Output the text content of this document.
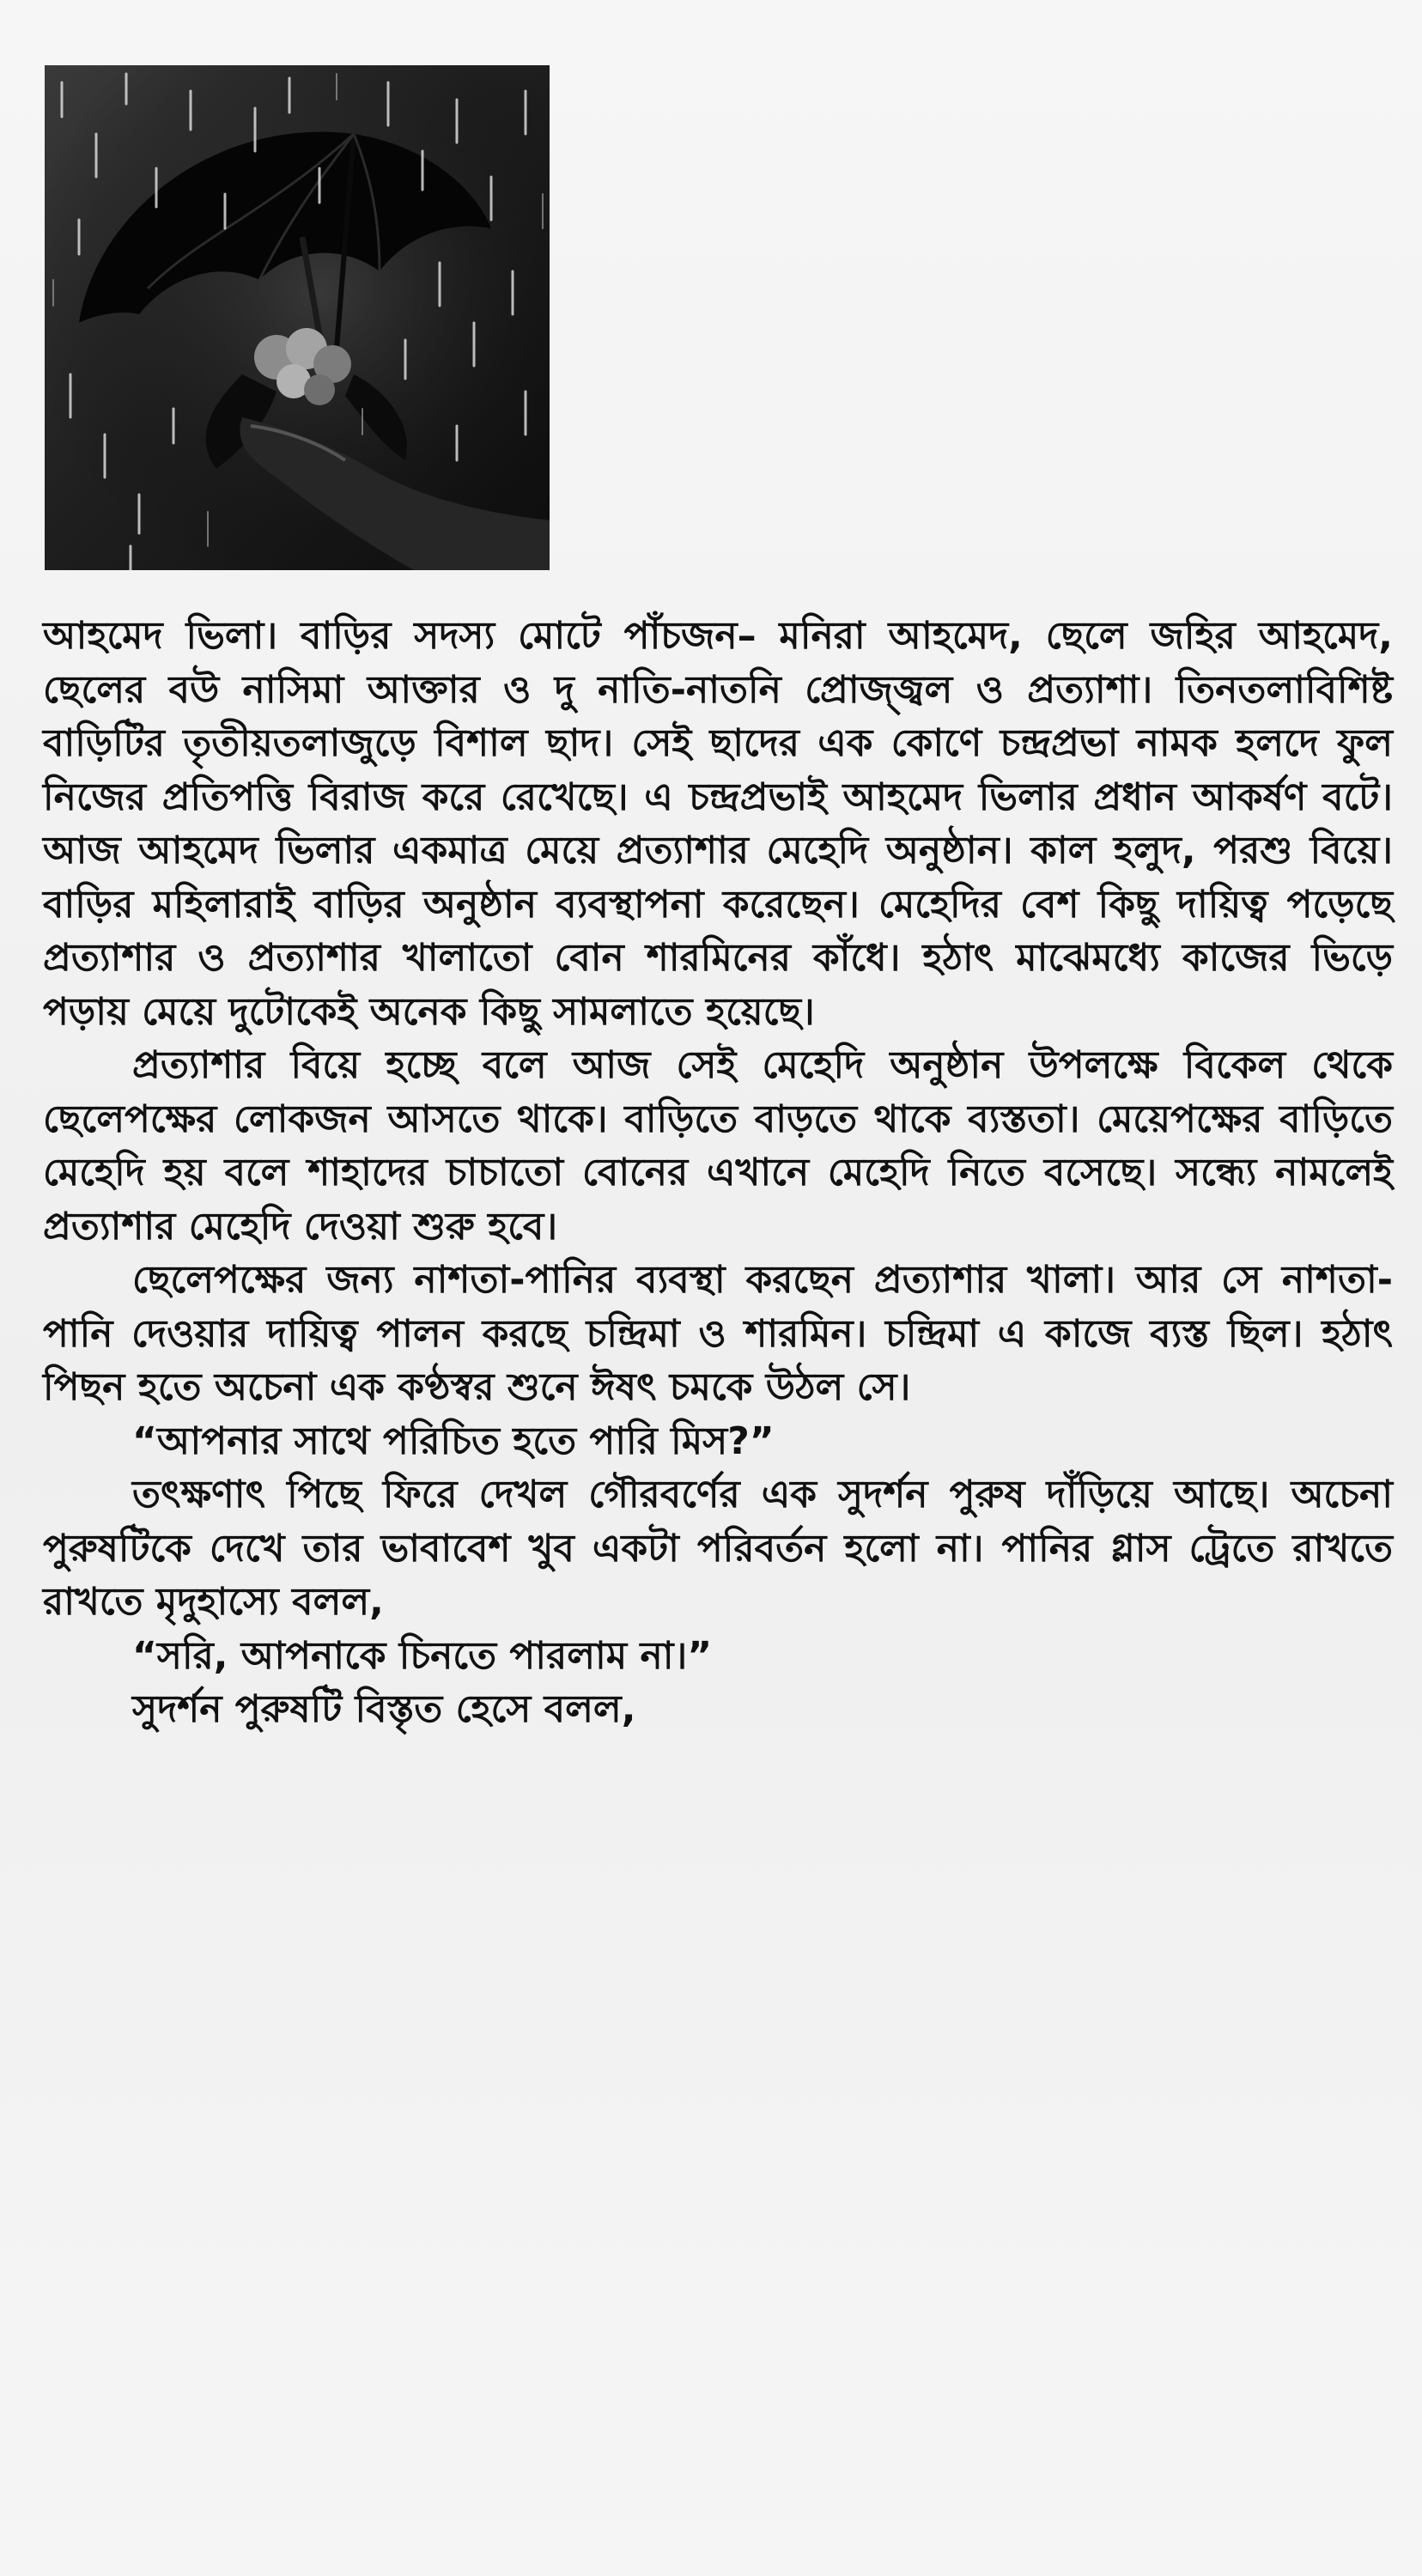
আহমেদ ভিলা। বাড়ির সদস্য মোটে পাঁচজন– মনিরা আহমেদ, ছেলে জহির আহমেদ, ছেলের বউ নাসিমা আক্তার ও দু নাতি-নাতনি প্রোজ্জ্বল ও প্রত্যাশা। তিনতলাবিশিষ্ট বাড়িটির তৃতীয়তলাজুড়ে বিশাল ছাদ। সেই ছাদের এক কোণে চন্দ্রপ্রভা নামক হলদে ফুল নিজের প্রতিপত্তি বিরাজ করে রেখেছে। এ চন্দ্রপ্রভাই আহমেদ ভিলার প্রধান আকর্ষণ বটে। আজ আহমেদ ভিলার একমাত্র মেয়ে প্রত্যাশার মেহেদি অনুষ্ঠান। কাল হলুদ, পরশু বিয়ে। বাড়ির মহিলারাই বাড়ির অনুষ্ঠান ব্যবস্থাপনা করেছেন। মেহেদির বেশ কিছু দায়িত্ব পড়েছে প্রত্যাশার ও প্রত্যাশার খালাতো বোন শারমিনের কাঁধে। হঠাৎ মাঝেমধ্যে কাজের ভিড়ে পড়ায় মেয়ে দুটোকেই অনেক কিছু সামলাতে হয়েছে।

প্রত্যাশার বিয়ে হচ্ছে বলে আজ সেই মেহেদি অনুষ্ঠান উপলক্ষে বিকেল থেকে ছেলেপক্ষের লোকজন আসতে থাকে। বাড়িতে বাড়তে থাকে ব্যস্ততা। মেয়েপক্ষের বাড়িতে মেহেদি হয় বলে শাহাদের চাচাতো বোনের এখানে মেহেদি নিতে বসেছে। সন্ধ্যে নামলেই প্রত্যাশার মেহেদি দেওয়া শুরু হবে।

ছেলেপক্ষের জন্য নাশতা-পানির ব্যবস্থা করছেন প্রত্যাশার খালা। আর সে নাশতা-পানি দেওয়ার দায়িত্ব পালন করছে চন্দ্রিমা ও শারমিন। চন্দ্রিমা এ কাজে ব্যস্ত ছিল। হঠাৎ পিছন হতে অচেনা এক কণ্ঠস্বর শুনে ঈষৎ চমকে উঠল সে।

“আপনার সাথে পরিচিত হতে পারি মিস?”

তৎক্ষণাৎ পিছে ফিরে দেখল গৌরবর্ণের এক সুদর্শন পুরুষ দাঁড়িয়ে আছে। অচেনা পুরুষটিকে দেখে তার ভাবাবেশ খুব একটা পরিবর্তন হলো না। পানির গ্লাস ট্রেতে রাখতে রাখতে মৃদুহাস্যে বলল,

“সরি, আপনাকে চিনতে পারলাম না।”

সুদর্শন পুরুষটি বিস্তৃত হেসে বলল,
